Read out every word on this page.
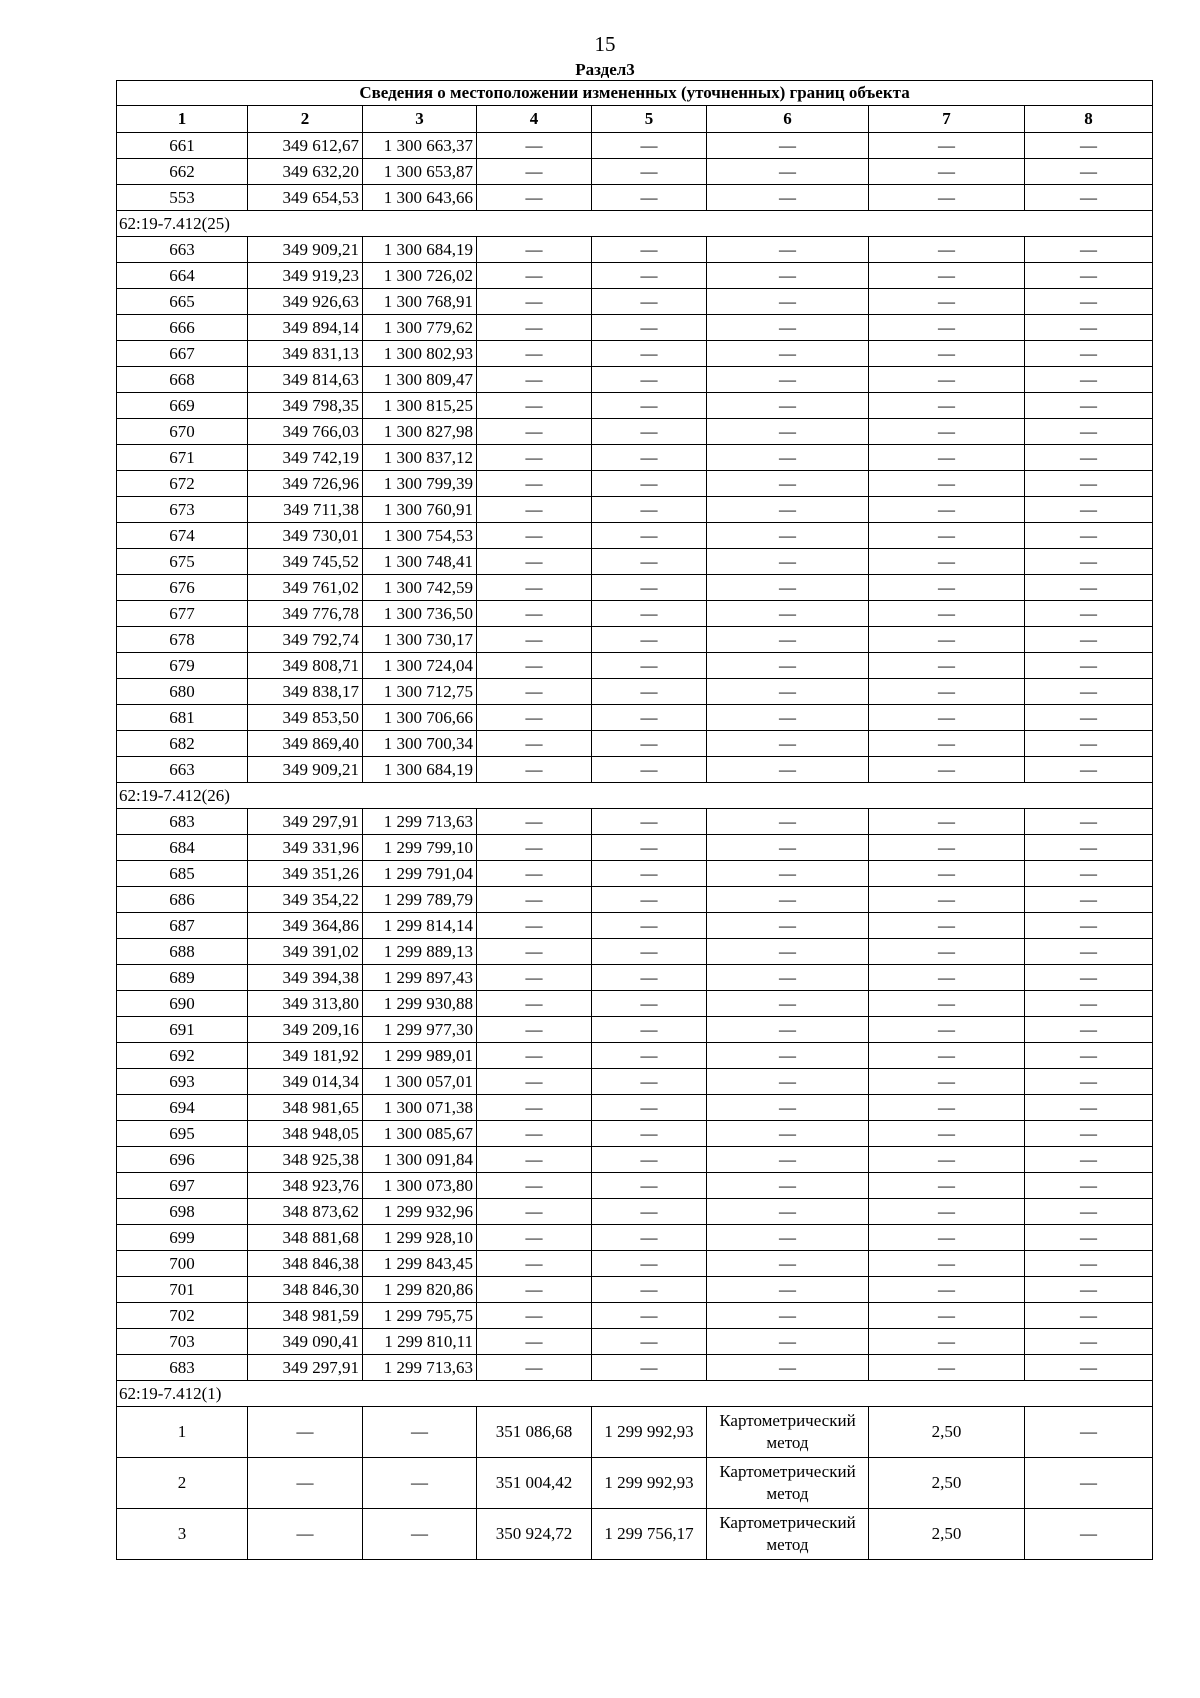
15
Раздел3
Сведения о местоположении измененных (уточненных) границ объекта							
1	2	3	4	5	6	7	8
661	349 612,67	1 300 663,37	—	—	—	—	—
662	349 632,20	1 300 653,87	—	—	—	—	—
553	349 654,53	1 300 643,66	—	—	—	—	—
62:19-7.412(25)							
663	349 909,21	1 300 684,19	—	—	—	—	—
664	349 919,23	1 300 726,02	—	—	—	—	—
665	349 926,63	1 300 768,91	—	—	—	—	—
666	349 894,14	1 300 779,62	—	—	—	—	—
667	349 831,13	1 300 802,93	—	—	—	—	—
668	349 814,63	1 300 809,47	—	—	—	—	—
669	349 798,35	1 300 815,25	—	—	—	—	—
670	349 766,03	1 300 827,98	—	—	—	—	—
671	349 742,19	1 300 837,12	—	—	—	—	—
672	349 726,96	1 300 799,39	—	—	—	—	—
673	349 711,38	1 300 760,91	—	—	—	—	—
674	349 730,01	1 300 754,53	—	—	—	—	—
675	349 745,52	1 300 748,41	—	—	—	—	—
676	349 761,02	1 300 742,59	—	—	—	—	—
677	349 776,78	1 300 736,50	—	—	—	—	—
678	349 792,74	1 300 730,17	—	—	—	—	—
679	349 808,71	1 300 724,04	—	—	—	—	—
680	349 838,17	1 300 712,75	—	—	—	—	—
681	349 853,50	1 300 706,66	—	—	—	—	—
682	349 869,40	1 300 700,34	—	—	—	—	—
663	349 909,21	1 300 684,19	—	—	—	—	—
62:19-7.412(26)							
683	349 297,91	1 299 713,63	—	—	—	—	—
684	349 331,96	1 299 799,10	—	—	—	—	—
685	349 351,26	1 299 791,04	—	—	—	—	—
686	349 354,22	1 299 789,79	—	—	—	—	—
687	349 364,86	1 299 814,14	—	—	—	—	—
688	349 391,02	1 299 889,13	—	—	—	—	—
689	349 394,38	1 299 897,43	—	—	—	—	—
690	349 313,80	1 299 930,88	—	—	—	—	—
691	349 209,16	1 299 977,30	—	—	—	—	—
692	349 181,92	1 299 989,01	—	—	—	—	—
693	349 014,34	1 300 057,01	—	—	—	—	—
694	348 981,65	1 300 071,38	—	—	—	—	—
695	348 948,05	1 300 085,67	—	—	—	—	—
696	348 925,38	1 300 091,84	—	—	—	—	—
697	348 923,76	1 300 073,80	—	—	—	—	—
698	348 873,62	1 299 932,96	—	—	—	—	—
699	348 881,68	1 299 928,10	—	—	—	—	—
700	348 846,38	1 299 843,45	—	—	—	—	—
701	348 846,30	1 299 820,86	—	—	—	—	—
702	348 981,59	1 299 795,75	—	—	—	—	—
703	349 090,41	1 299 810,11	—	—	—	—	—
683	349 297,91	1 299 713,63	—	—	—	—	—
62:19-7.412(1)							
1	—	—	351 086,68	1 299 992,93	Картометрический метод	2,50	—
2	—	—	351 004,42	1 299 992,93	Картометрический метод	2,50	—
3	—	—	350 924,72	1 299 756,17	Картометрический метод	2,50	—
